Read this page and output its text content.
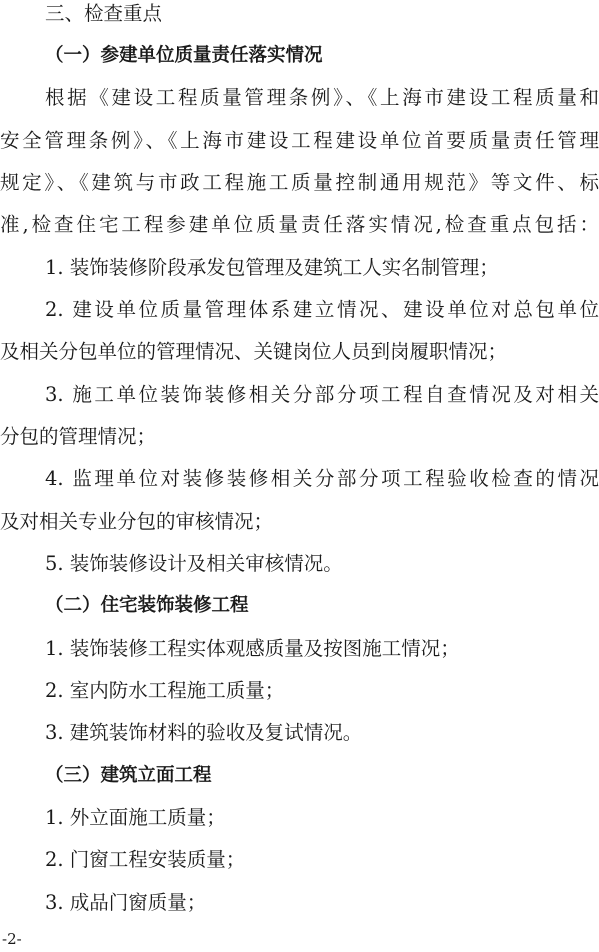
三、检查重点
（一）参建单位质量责任落实情况
根据《建设工程质量管理条例》、《上海市建设工程质量和
安全管理条例》、《上海市建设工程建设单位首要质量责任管理
规定》、《建筑与市政工程施工质量控制通用规范》等文件、标
准,检查住宅工程参建单位质量责任落实情况,检查重点包括：
1. 装饰装修阶段承发包管理及建筑工人实名制管理；
2. 建设单位质量管理体系建立情况、建设单位对总包单位
及相关分包单位的管理情况、关键岗位人员到岗履职情况；
3. 施工单位装饰装修相关分部分项工程自查情况及对相关
分包的管理情况；
4. 监理单位对装修装修相关分部分项工程验收检查的情况
及对相关专业分包的审核情况；
5. 装饰装修设计及相关审核情况。
（二）住宅装饰装修工程
1. 装饰装修工程实体观感质量及按图施工情况；
2. 室内防水工程施工质量；
3. 建筑装饰材料的验收及复试情况。
（三）建筑立面工程
1. 外立面施工质量；
2. 门窗工程安装质量；
3. 成品门窗质量；
-2-
